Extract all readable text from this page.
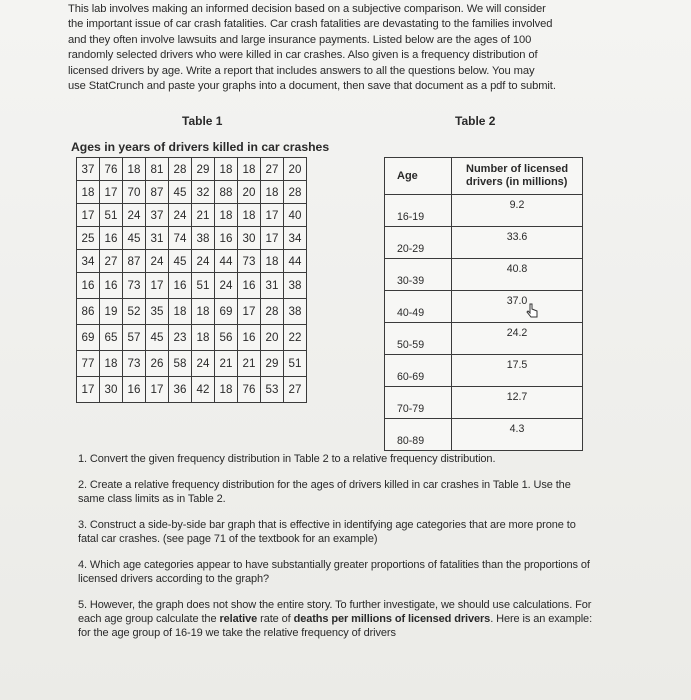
This lab involves making an informed decision based on a subjective comparison. We will consider

the important issue of car crash fatalities. Car crash fatalities are devastating to the families involved

and they often involve lawsuits and large insurance payments. Listed below are the ages of 100

randomly selected drivers who were killed in car crashes. Also given is a frequency distribution of

licensed drivers by age. Write a report that includes answers to all the questions below. You may

use StatCrunch and paste your graphs into a document, then save that document as a pdf to submit.

Table 1	Table 2
Ages in years of drivers killed in car crashes
37	76	18	81	28	29	18	18	27	20
18	17	70	87	45	32	88	20	18	28
17	51	24	37	24	21	18	18	17	40
25	16	45	31	74	38	16	30	17	34
34	27	87	24	45	24	44	73	18	44
16	16	73	17	16	51	24	16	31	38
86	19	52	35	18	18	69	17	28	38
69	65	57	45	23	18	56	16	20	22
77	18	73	26	58	24	21	21	29	51
17	30	16	17	36	42	18	76	53	27
Age	Number of licensed drivers (in millions)
16-19	9.2
20-29	33.6
30-39	40.8
40-49	37.0
50-59	24.2
60-69	17.5
70-79	12.7
80-89	4.3

1. Convert the given frequency distribution in Table 2 to a relative frequency distribution.

2. Create a relative frequency distribution for the ages of drivers killed in car crashes in Table 1. Use the same class limits as in Table 2.

3. Construct a side-by-side bar graph that is effective in identifying age categories that are more prone to fatal car crashes. (see page 71 of the textbook for an example)

4. Which age categories appear to have substantially greater proportions of fatalities than the proportions of licensed drivers according to the graph?

5. However, the graph does not show the entire story. To further investigate, we should use calculations. For each age group calculate the relative rate of deaths per millions of licensed drivers. Here is an example: for the age group of 16-19 we take the relative frequency of drivers
